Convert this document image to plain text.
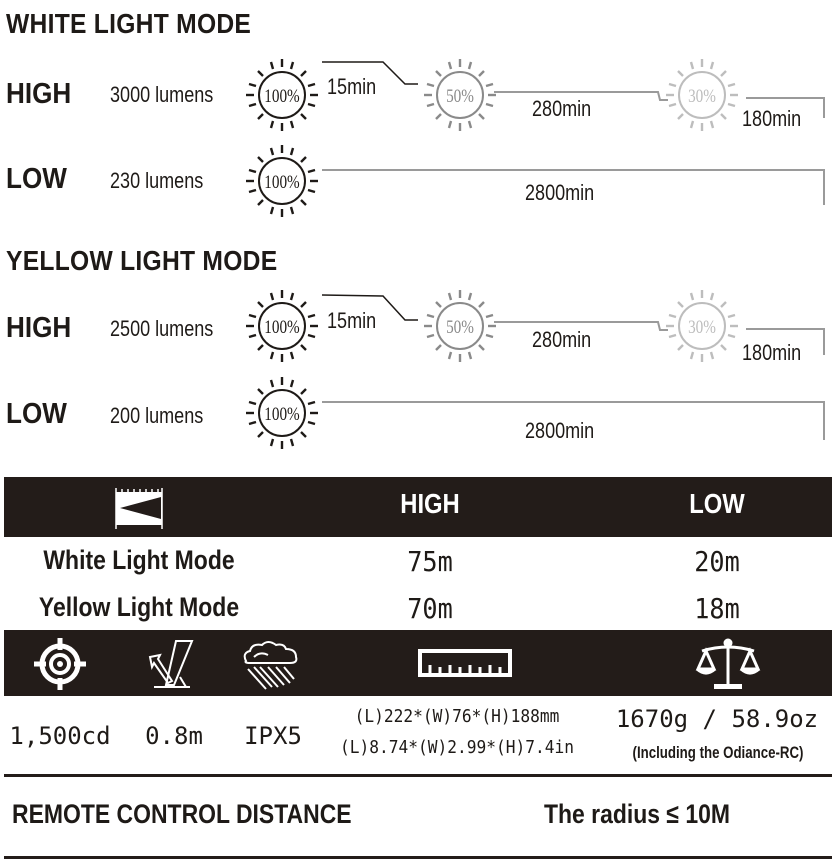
WHITE LIGHT MODE
HIGH 3000 lumens	100% 15min	50%
280min
30%
180min
LOW 230 lumens	100%	2800min
YELLOW LIGHT MODE
HIGH 2500 lumens	100% 15min	50%
280min
30%
180min
LOW 200 lumens	100%
2800min
HIGH	LOW
White Light Mode	75m	20m
Yellow Light Mode	70m	18m
1,500cd	0.8m	IPX5
(L)222*(W)76*(H)188mm
(L)8.74*(W)2.99*(H)7.4in
1670g / 58.9oz
(Including the Odiance-RC)
REMOTE CONTROL DISTANCE	The radius ≤ 10M
